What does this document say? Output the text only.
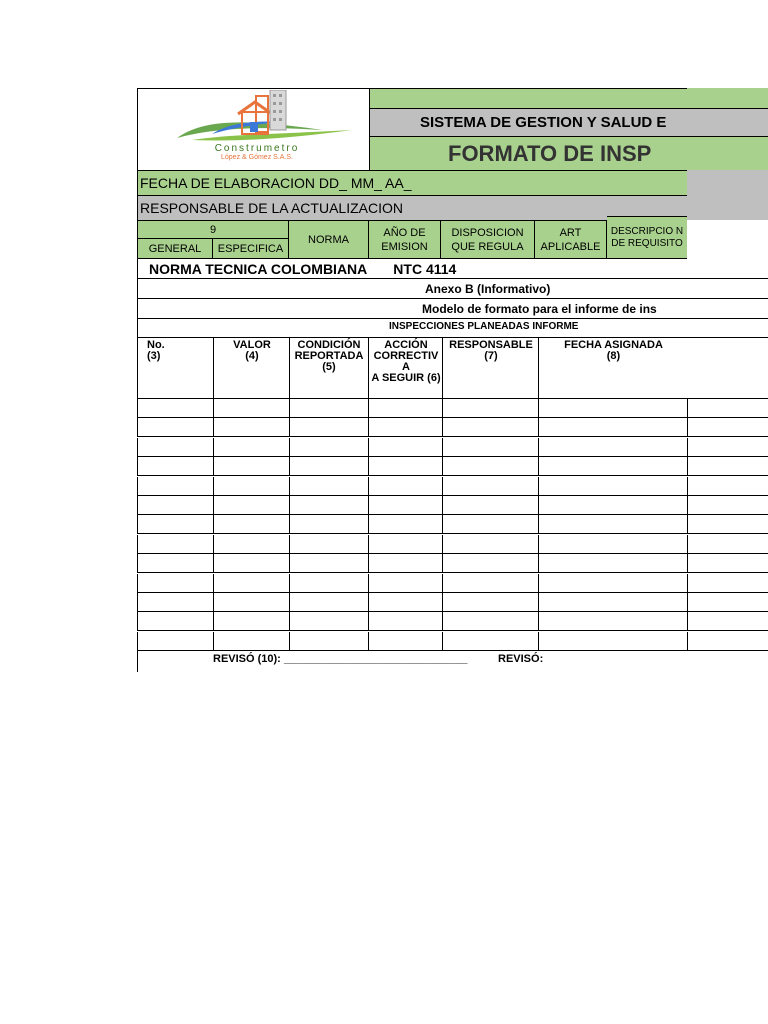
Construmetro
López & Gómez S.A.S.
SISTEMA DE GESTION Y SALUD E
FORMATO DE INSP
FECHA DE ELABORACION DD_ MM_ AA_
RESPONSABLE DE LA ACTUALIZACION
9
GENERAL ESPECIFICA
NORMA
AÑO DE EMISION
DISPOSICION QUE REGULA
ART APLICABLE
DESCRIPCIO N DE REQUISITO
NORMA TECNICA COLOMBIANA NTC 4114
Anexo B (Informativo)
Modelo de formato para el informe de ins
INSPECCIONES PLANEADAS INFORME
No.
(3)
VALOR
(4)
CONDICIÓN
REPORTADA
(5)
ACCIÓN
CORRECTIV
A
A SEGUIR (6)
RESPONSABLE
(7)
FECHA ASIGNADA
(8)
REVISÓ (10): ______________________________	REVISÓ:
